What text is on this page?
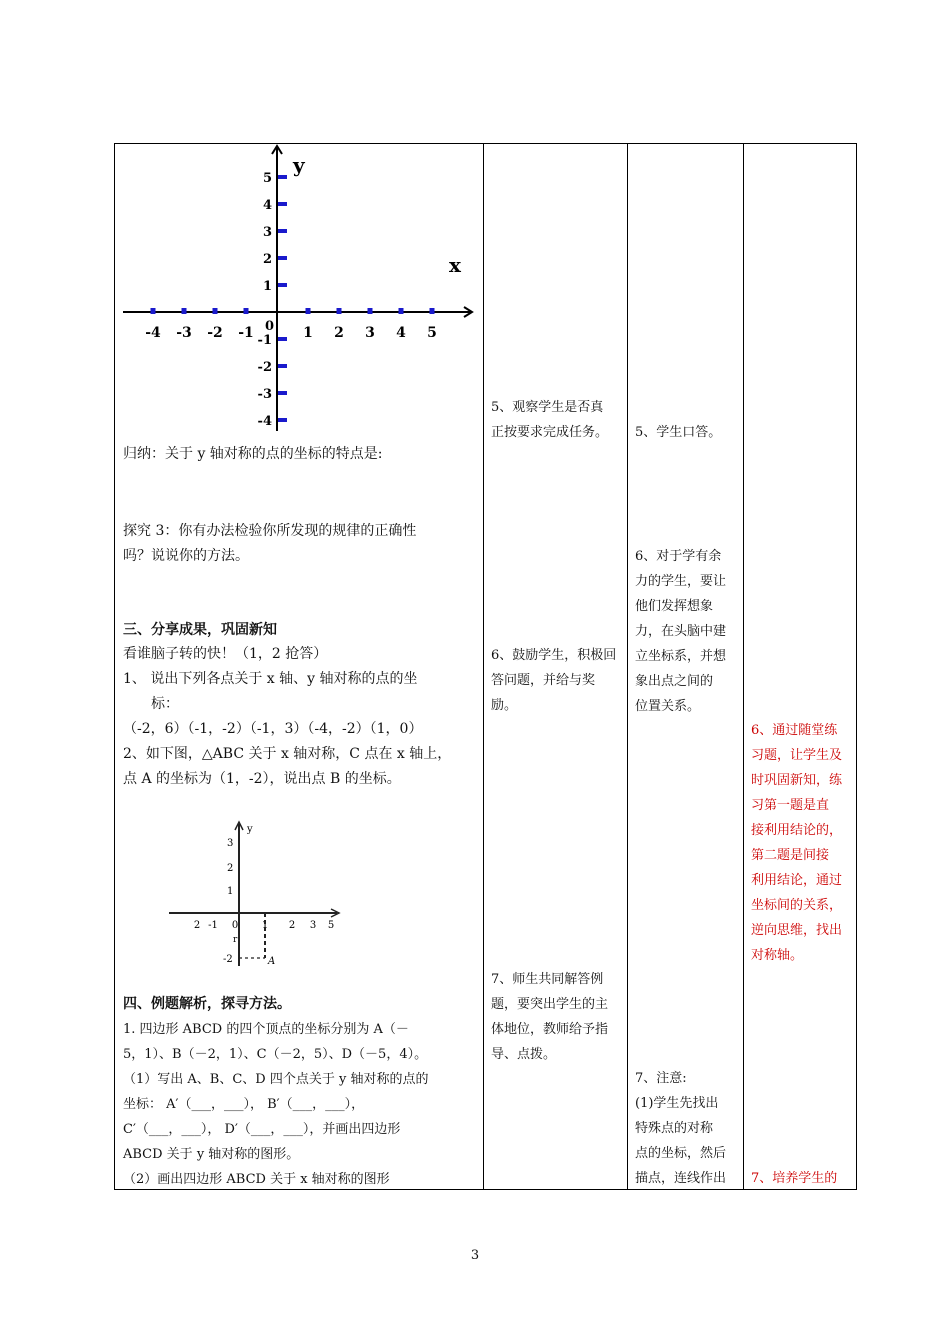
y
x
0
-4 -3 -2 -1	1 2 3 4 5
5
4
3
2
1
-1
-2
-3
-4
归纳：关于 y 轴对称的点的坐标的特点是:
探究 3：你有办法检验你所发现的规律的正确性
吗？说说你的方法。
三、分享成果，巩固新知
看谁脑子转的快！（1，2 抢答）
1、 说出下列各点关于 x 轴、y 轴对称的点的坐
标：
（-2，6）（-1，-2）（-1，3）（-4，-2）（1，0）
2、如下图，△ABC 关于 x 轴对称，C 点在 x 轴上，
点 A 的坐标为（1，-2），说出点 B 的坐标。
y
3
2
1
2 -1 0 1 2 3 5
r
-2	A
四、例题解析，探寻方法。
1. 四边形 ABCD 的四个顶点的坐标分别为 A（－
5，1）、B（－2，1）、C（－2，5）、D（－5，4）。
（1）写出 A、B、C、D 四个点关于 y 轴对称的点的
坐标： A′（___，___）， B′（___，___），
C′（___，___）， D′（___，___），并画出四边形
ABCD 关于 y 轴对称的图形。
（2）画出四边形 ABCD 关于 x 轴对称的图形
5、观察学生是否真
正按要求完成任务。
6、鼓励学生，积极回
答问题，并给与奖
励。
7、师生共同解答例
题，要突出学生的主
体地位，教师给予指
导、点拨。
5、学生口答。
6、对于学有余
力的学生，要让
他们发挥想象
力，在头脑中建
立坐标系，并想
象出点之间的
位置关系。
7、注意:
(1)学生先找出
特殊点的对称
点的坐标，然后
描点，连线作出
6、通过随堂练
习题，让学生及
时巩固新知，练
习第一题是直
接利用结论的，
第二题是间接
利用结论，通过
坐标间的关系，
逆向思维，找出
对称轴。
7、培养学生的
3
